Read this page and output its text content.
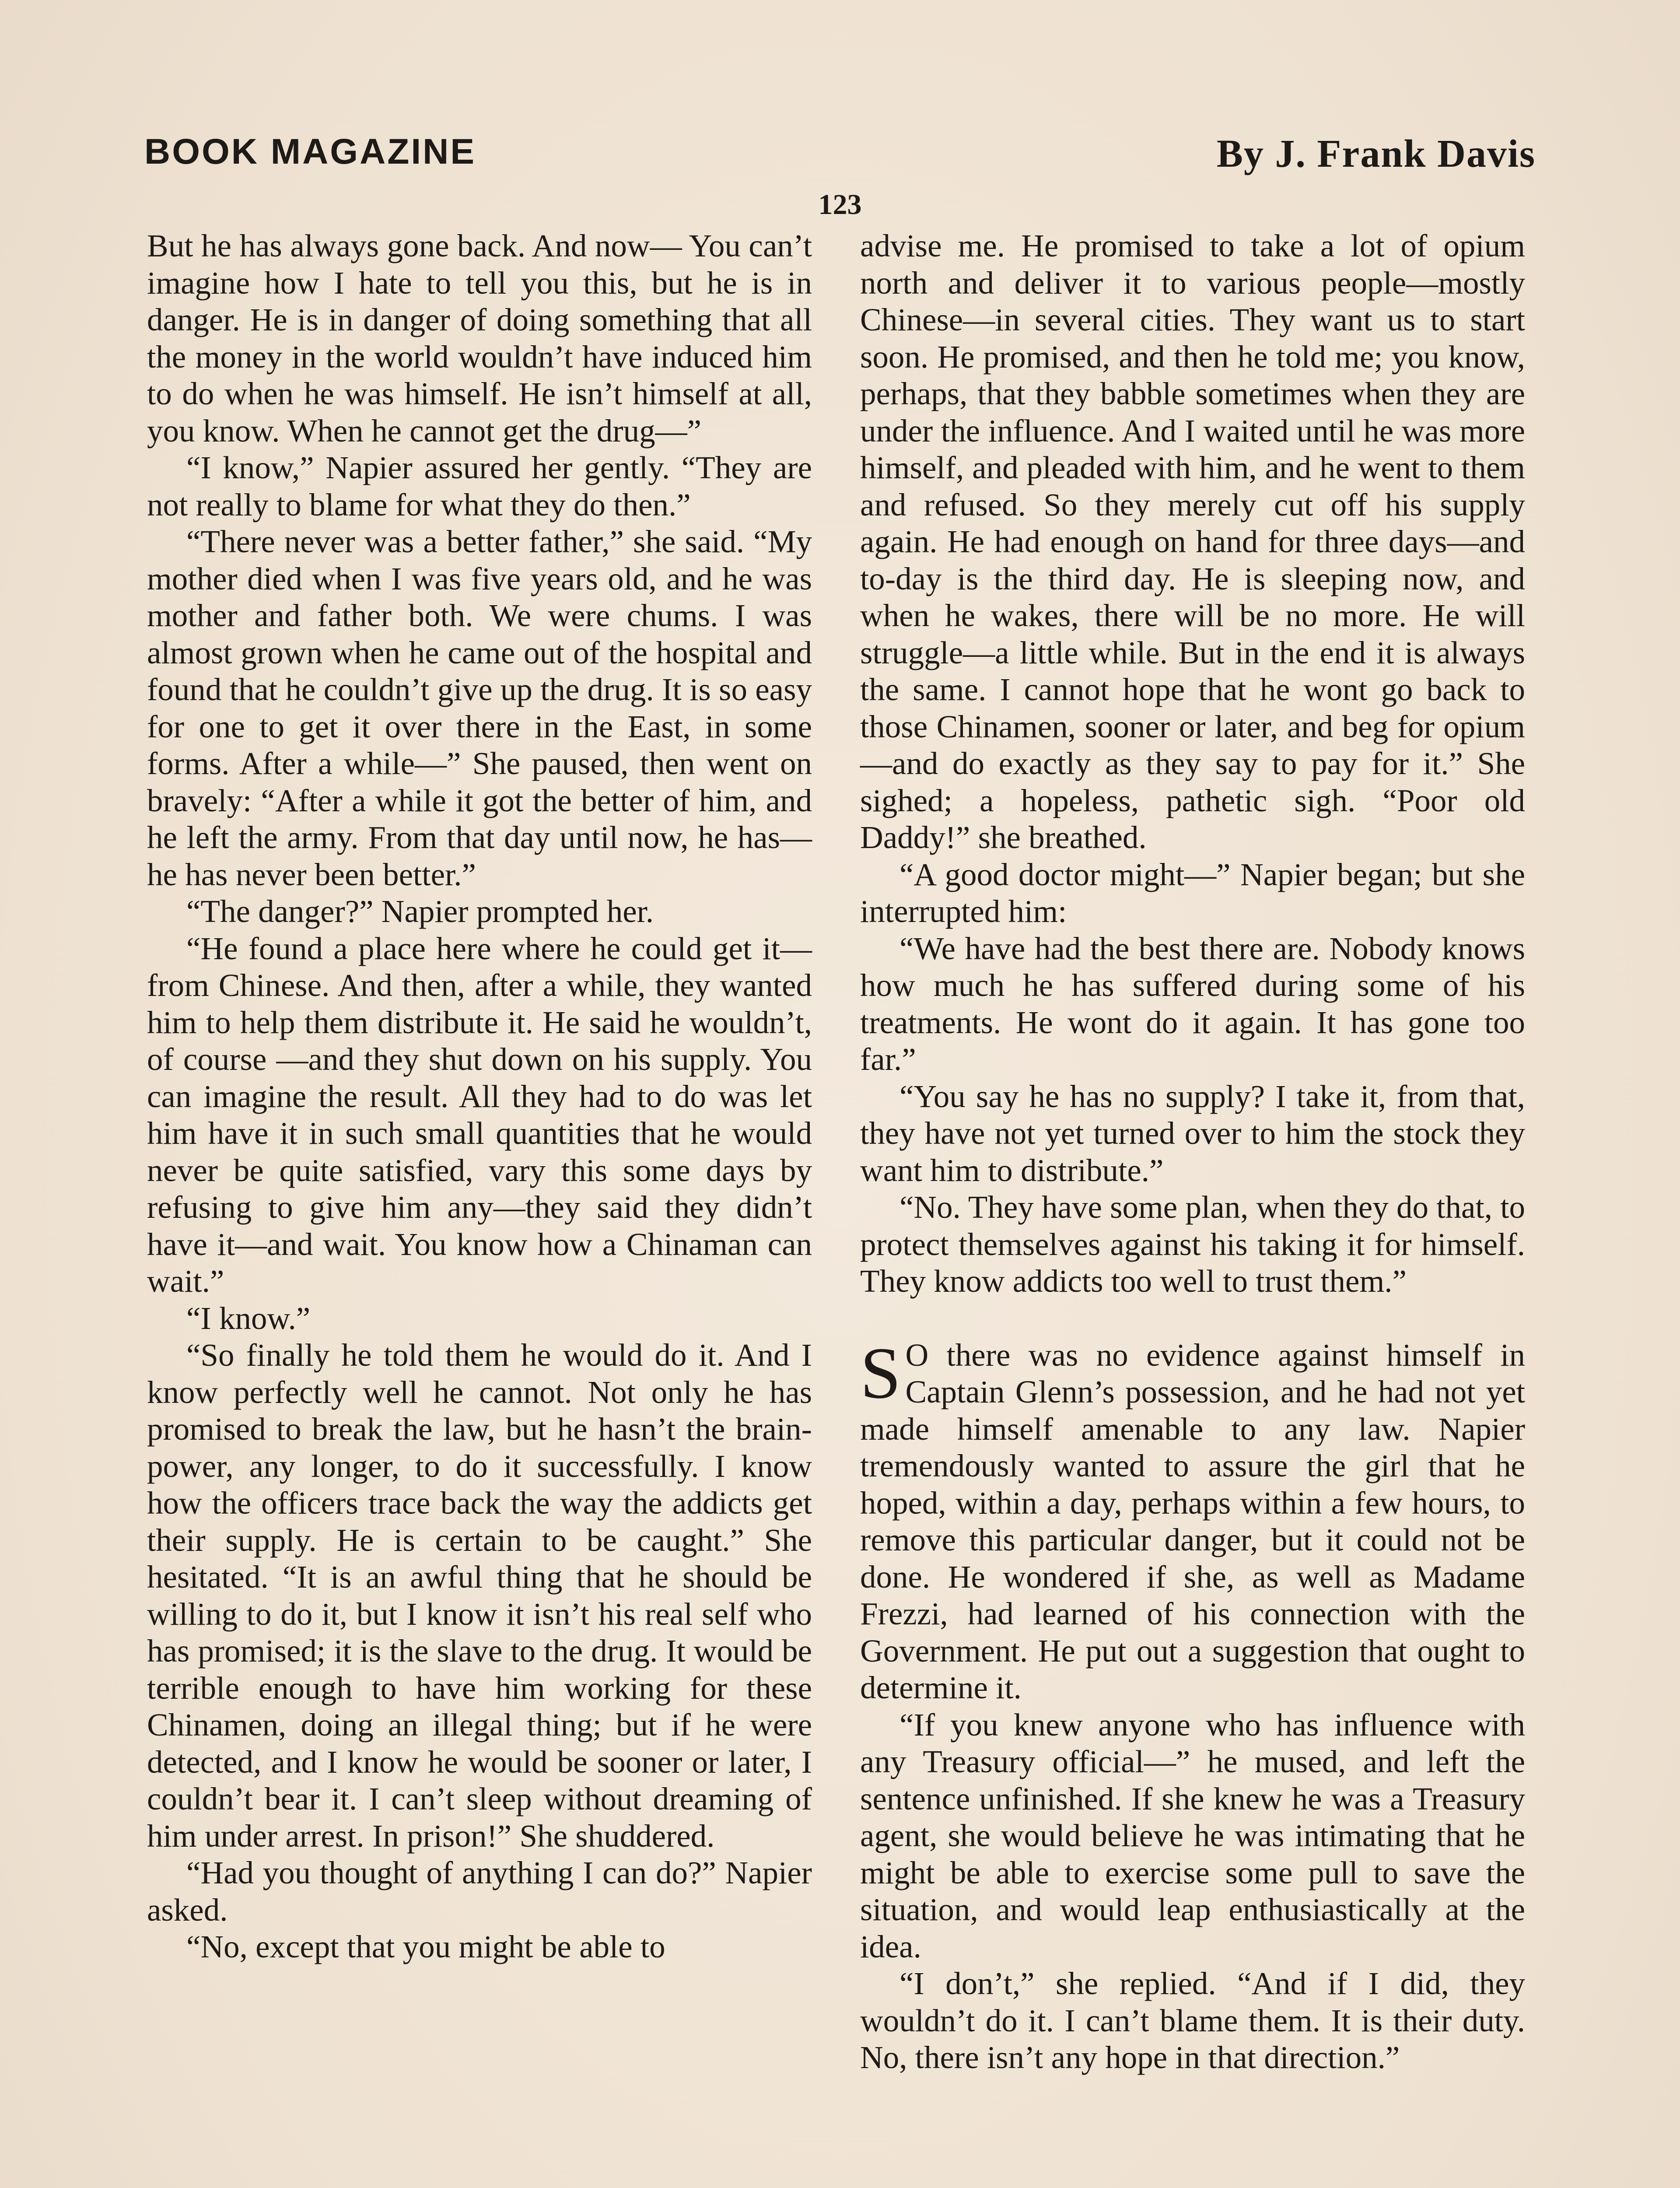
BOOK MAGAZINE	By J. Frank Davis
123

But he has always gone back. And now— You can’t imagine how I hate to tell you this, but he is in danger. He is in danger of doing something that all the money in the world wouldn’t have induced him to do when he was himself. He isn’t himself at all, you know. When he cannot get the drug—”

“I know,” Napier assured her gently. “They are not really to blame for what they do then.”

“There never was a better father,” she said. “My mother died when I was five years old, and he was mother and father both. We were chums. I was almost grown when he came out of the hospital and found that he couldn’t give up the drug. It is so easy for one to get it over there in the East, in some forms. After a while—” She paused, then went on bravely: “After a while it got the better of him, and he left the army. From that day until now, he has—he has never been better.”

“The danger?” Napier prompted her.

“He found a place here where he could get it—from Chinese. And then, after a while, they wanted him to help them distribute it. He said he wouldn’t, of course —and they shut down on his supply. You can imagine the result. All they had to do was let him have it in such small quantities that he would never be quite satisfied, vary this some days by refusing to give him any—they said they didn’t have it—and wait. You know how a Chinaman can wait.”

“I know.”

“So finally he told them he would do it. And I know perfectly well he cannot. Not only he has promised to break the law, but he hasn’t the brain-power, any longer, to do it successfully. I know how the officers trace back the way the addicts get their supply. He is certain to be caught.” She hesitated. “It is an awful thing that he should be willing to do it, but I know it isn’t his real self who has promised; it is the slave to the drug. It would be terrible enough to have him working for these Chinamen, doing an illegal thing; but if he were detected, and I know he would be sooner or later, I couldn’t bear it. I can’t sleep without dreaming of him under arrest. In prison!” She shuddered.

“Had you thought of anything I can do?” Napier asked.

“No, except that you might be able to

advise me. He promised to take a lot of opium north and deliver it to various people—mostly Chinese—in several cities. They want us to start soon. He promised, and then he told me; you know, perhaps, that they babble sometimes when they are under the influence. And I waited until he was more himself, and pleaded with him, and he went to them and refused. So they merely cut off his supply again. He had enough on hand for three days—and to-day is the third day. He is sleeping now, and when he wakes, there will be no more. He will struggle—a little while. But in the end it is always the same. I cannot hope that he wont go back to those Chinamen, sooner or later, and beg for opium—and do exactly as they say to pay for it.” She sighed; a hopeless, pathetic sigh. “Poor old Daddy!” she breathed.

“A good doctor might—” Napier began; but she interrupted him:

“We have had the best there are. Nobody knows how much he has suffered during some of his treatments. He wont do it again. It has gone too far.”

“You say he has no supply? I take it, from that, they have not yet turned over to him the stock they want him to distribute.”

“No. They have some plan, when they do that, to protect themselves against his taking it for himself. They know addicts too well to trust them.”

S O there was no evidence against himself in Captain Glenn’s possession, and he had not yet made himself amenable to any law. Napier tremendously wanted to assure the girl that he hoped, within a day, perhaps within a few hours, to remove this particular danger, but it could not be done. He wondered if she, as well as Madame Frezzi, had learned of his connection with the Government. He put out a suggestion that ought to determine it.

“If you knew anyone who has influence with any Treasury official—” he mused, and left the sentence unfinished. If she knew he was a Treasury agent, she would believe he was intimating that he might be able to exercise some pull to save the situation, and would leap enthusiastically at the idea.

“I don’t,” she replied. “And if I did, they wouldn’t do it. I can’t blame them. It is their duty. No, there isn’t any hope in that direction.”
